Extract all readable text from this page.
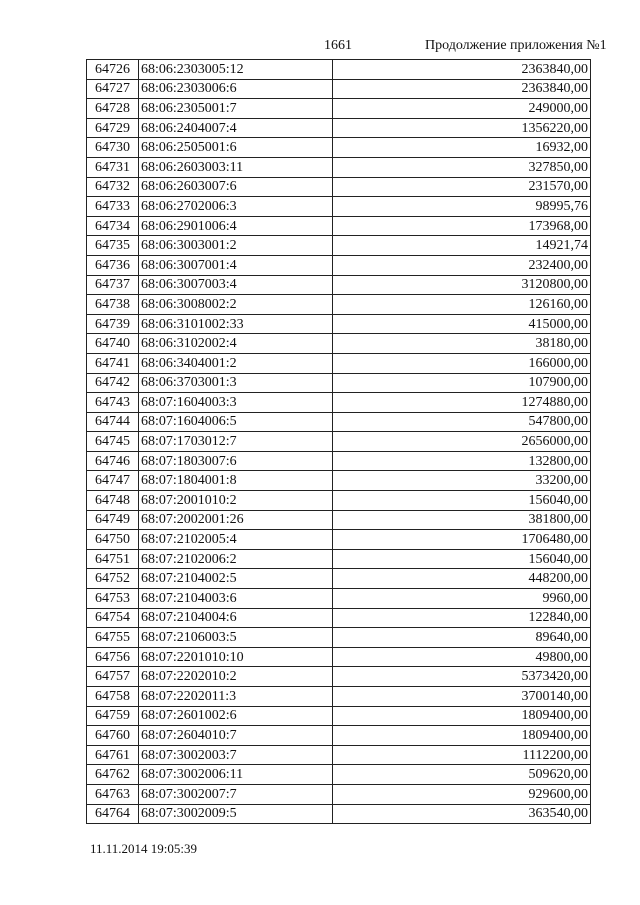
1661	Продолжение приложения №1
64726	68:06:2303005:12	2363840,00
64727	68:06:2303006:6	2363840,00
64728	68:06:2305001:7	249000,00
64729	68:06:2404007:4	1356220,00
64730	68:06:2505001:6	16932,00
64731	68:06:2603003:11	327850,00
64732	68:06:2603007:6	231570,00
64733	68:06:2702006:3	98995,76
64734	68:06:2901006:4	173968,00
64735	68:06:3003001:2	14921,74
64736	68:06:3007001:4	232400,00
64737	68:06:3007003:4	3120800,00
64738	68:06:3008002:2	126160,00
64739	68:06:3101002:33	415000,00
64740	68:06:3102002:4	38180,00
64741	68:06:3404001:2	166000,00
64742	68:06:3703001:3	107900,00
64743	68:07:1604003:3	1274880,00
64744	68:07:1604006:5	547800,00
64745	68:07:1703012:7	2656000,00
64746	68:07:1803007:6	132800,00
64747	68:07:1804001:8	33200,00
64748	68:07:2001010:2	156040,00
64749	68:07:2002001:26	381800,00
64750	68:07:2102005:4	1706480,00
64751	68:07:2102006:2	156040,00
64752	68:07:2104002:5	448200,00
64753	68:07:2104003:6	9960,00
64754	68:07:2104004:6	122840,00
64755	68:07:2106003:5	89640,00
64756	68:07:2201010:10	49800,00
64757	68:07:2202010:2	5373420,00
64758	68:07:2202011:3	3700140,00
64759	68:07:2601002:6	1809400,00
64760	68:07:2604010:7	1809400,00
64761	68:07:3002003:7	1112200,00
64762	68:07:3002006:11	509620,00
64763	68:07:3002007:7	929600,00
64764	68:07:3002009:5	363540,00
11.11.2014 19:05:39
